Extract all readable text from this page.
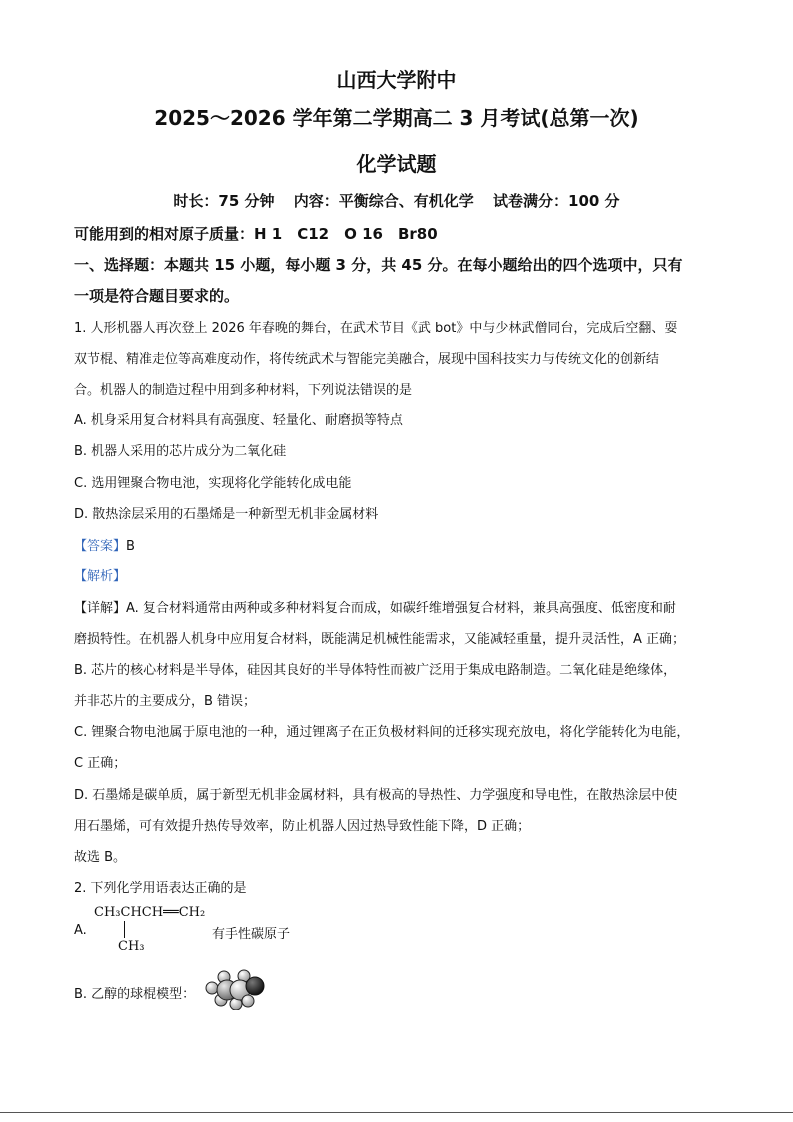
山西大学附中
2025～2026 学年第二学期高二 3 月考试(总第一次)
化学试题
时长：75 分钟 内容：平衡综合、有机化学 试卷满分：100 分
可能用到的相对原子质量：H 1　C12　O 16　Br80
一、选择题：本题共 15 小题，每小题 3 分，共 45 分。在每小题给出的四个选项中，只有
一项是符合题目要求的。
1. 人形机器人再次登上 2026 年春晚的舞台，在武术节目《武 bot》中与少林武僧同台，完成后空翻、耍
双节棍、精准走位等高难度动作，将传统武术与智能完美融合，展现中国科技实力与传统文化的创新结
合。机器人的制造过程中用到多种材料，下列说法错误的是
A. 机身采用复合材料具有高强度、轻量化、耐磨损等特点
B. 机器人采用的芯片成分为二氧化硅
C. 选用锂聚合物电池，实现将化学能转化成电能
D. 散热涂层采用的石墨烯是一种新型无机非金属材料
【答案】B
【解析】
【详解】A. 复合材料通常由两种或多种材料复合而成，如碳纤维增强复合材料，兼具高强度、低密度和耐
磨损特性。在机器人机身中应用复合材料，既能满足机械性能需求，又能减轻重量，提升灵活性，A 正确；
B. 芯片的核心材料是半导体，硅因其良好的半导体特性而被广泛用于集成电路制造。二氧化硅是绝缘体，
并非芯片的主要成分，B 错误；
C. 锂聚合物电池属于原电池的一种，通过锂离子在正负极材料间的迁移实现充放电，将化学能转化为电能，
C 正确；
D. 石墨烯是碳单质，属于新型无机非金属材料，具有极高的导热性、力学强度和导电性，在散热涂层中使
用石墨烯，可有效提升热传导效率，防止机器人因过热导致性能下降，D 正确；
故选 B。
2. 下列化学用语表达正确的是
A.
CH₃CHCH══CH₂
CH₃
有手性碳原子
B. 乙醇的球棍模型：
